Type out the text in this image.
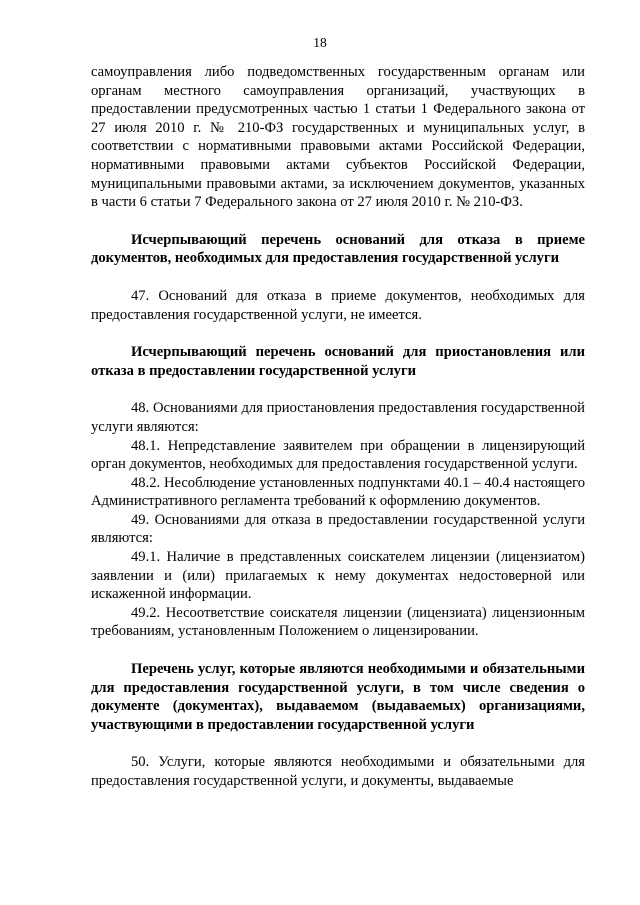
18

самоуправления либо подведомственных государственным органам или органам местного самоуправления организаций, участвующих в предоставлении предусмотренных частью 1 статьи 1 Федерального закона от 27 июля 2010 г. № 210-ФЗ государственных и муниципальных услуг, в соответствии с нормативными правовыми актами Российской Федерации, нормативными правовыми актами субъектов Российской Федерации, муниципальными правовыми актами, за исключением документов, указанных в части 6 статьи 7 Федерального закона от 27 июля 2010 г. № 210-ФЗ.

Исчерпывающий перечень оснований для отказа в приеме документов, необходимых для предоставления государственной услуги

47. Оснований для отказа в приеме документов, необходимых для предоставления государственной услуги, не имеется.

Исчерпывающий перечень оснований для приостановления или отказа в предоставлении государственной услуги

48. Основаниями для приостановления предоставления государственной услуги являются:

48.1. Непредставление заявителем при обращении в лицензирующий орган документов, необходимых для предоставления государственной услуги.

48.2. Несоблюдение установленных подпунктами 40.1 – 40.4 настоящего Административного регламента требований к оформлению документов.

49. Основаниями для отказа в предоставлении государственной услуги являются:

49.1. Наличие в представленных соискателем лицензии (лицензиатом) заявлении и (или) прилагаемых к нему документах недостоверной или искаженной информации.

49.2. Несоответствие соискателя лицензии (лицензиата) лицензионным требованиям, установленным Положением о лицензировании.

Перечень услуг, которые являются необходимыми и обязательными для предоставления государственной услуги, в том числе сведения о документе (документах), выдаваемом (выдаваемых) организациями, участвующими в предоставлении государственной услуги

50. Услуги, которые являются необходимыми и обязательными для предоставления государственной услуги, и документы, выдаваемые
